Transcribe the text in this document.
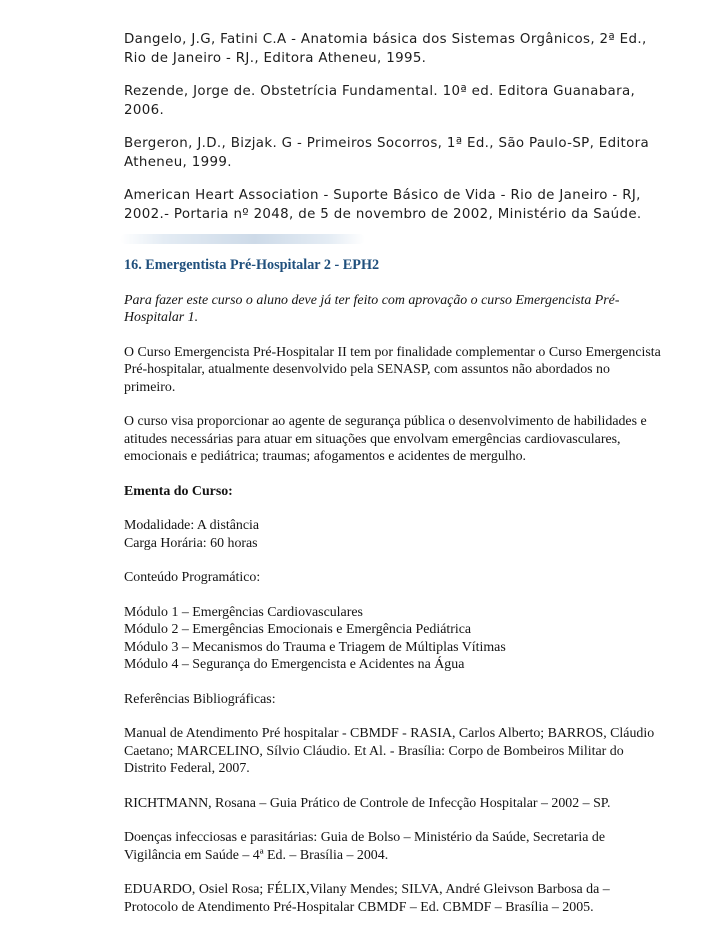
Dangelo, J.G, Fatini C.A - Anatomia básica dos Sistemas Orgânicos, 2ª Ed., Rio de Janeiro - RJ., Editora Atheneu, 1995.

Rezende, Jorge de. Obstetrícia Fundamental. 10ª ed. Editora Guanabara, 2006.

Bergeron, J.D., Bizjak. G - Primeiros Socorros, 1ª Ed., São Paulo-SP, Editora Atheneu, 1999.

American Heart Association - Suporte Básico de Vida - Rio de Janeiro - RJ, 2002.- Portaria nº 2048, de 5 de novembro de 2002, Ministério da Saúde.

16. Emergentista Pré-Hospitalar 2 - EPH2

Para fazer este curso o aluno deve já ter feito com aprovação o curso Emergencista Pré-Hospitalar 1.

O Curso Emergencista Pré-Hospitalar II tem por finalidade complementar o Curso Emergencista Pré-hospitalar, atualmente desenvolvido pela SENASP, com assuntos não abordados no primeiro.

O curso visa proporcionar ao agente de segurança pública o desenvolvimento de habilidades e atitudes necessárias para atuar em situações que envolvam emergências cardiovasculares, emocionais e pediátrica; traumas; afogamentos e acidentes de mergulho.

Ementa do Curso:

Modalidade: A distância
Carga Horária: 60 horas

Conteúdo Programático:

Módulo 1 – Emergências Cardiovasculares
Módulo 2 – Emergências Emocionais e Emergência Pediátrica
Módulo 3 – Mecanismos do Trauma e Triagem de Múltiplas Vítimas
Módulo 4 – Segurança do Emergencista e Acidentes na Água

Referências Bibliográficas:

Manual de Atendimento Pré hospitalar - CBMDF - RASIA, Carlos Alberto; BARROS, Cláudio Caetano; MARCELINO, Sílvio Cláudio. Et Al. - Brasília: Corpo de Bombeiros Militar do Distrito Federal, 2007.

RICHTMANN, Rosana – Guia Prático de Controle de Infecção Hospitalar – 2002 – SP.

Doenças infecciosas e parasitárias: Guia de Bolso – Ministério da Saúde, Secretaria de Vigilância em Saúde – 4ª Ed. – Brasília – 2004.

EDUARDO, Osiel Rosa; FÉLIX,Vilany Mendes; SILVA, André Gleivson Barbosa da – Protocolo de Atendimento Pré-Hospitalar CBMDF – Ed. CBMDF – Brasília – 2005.
